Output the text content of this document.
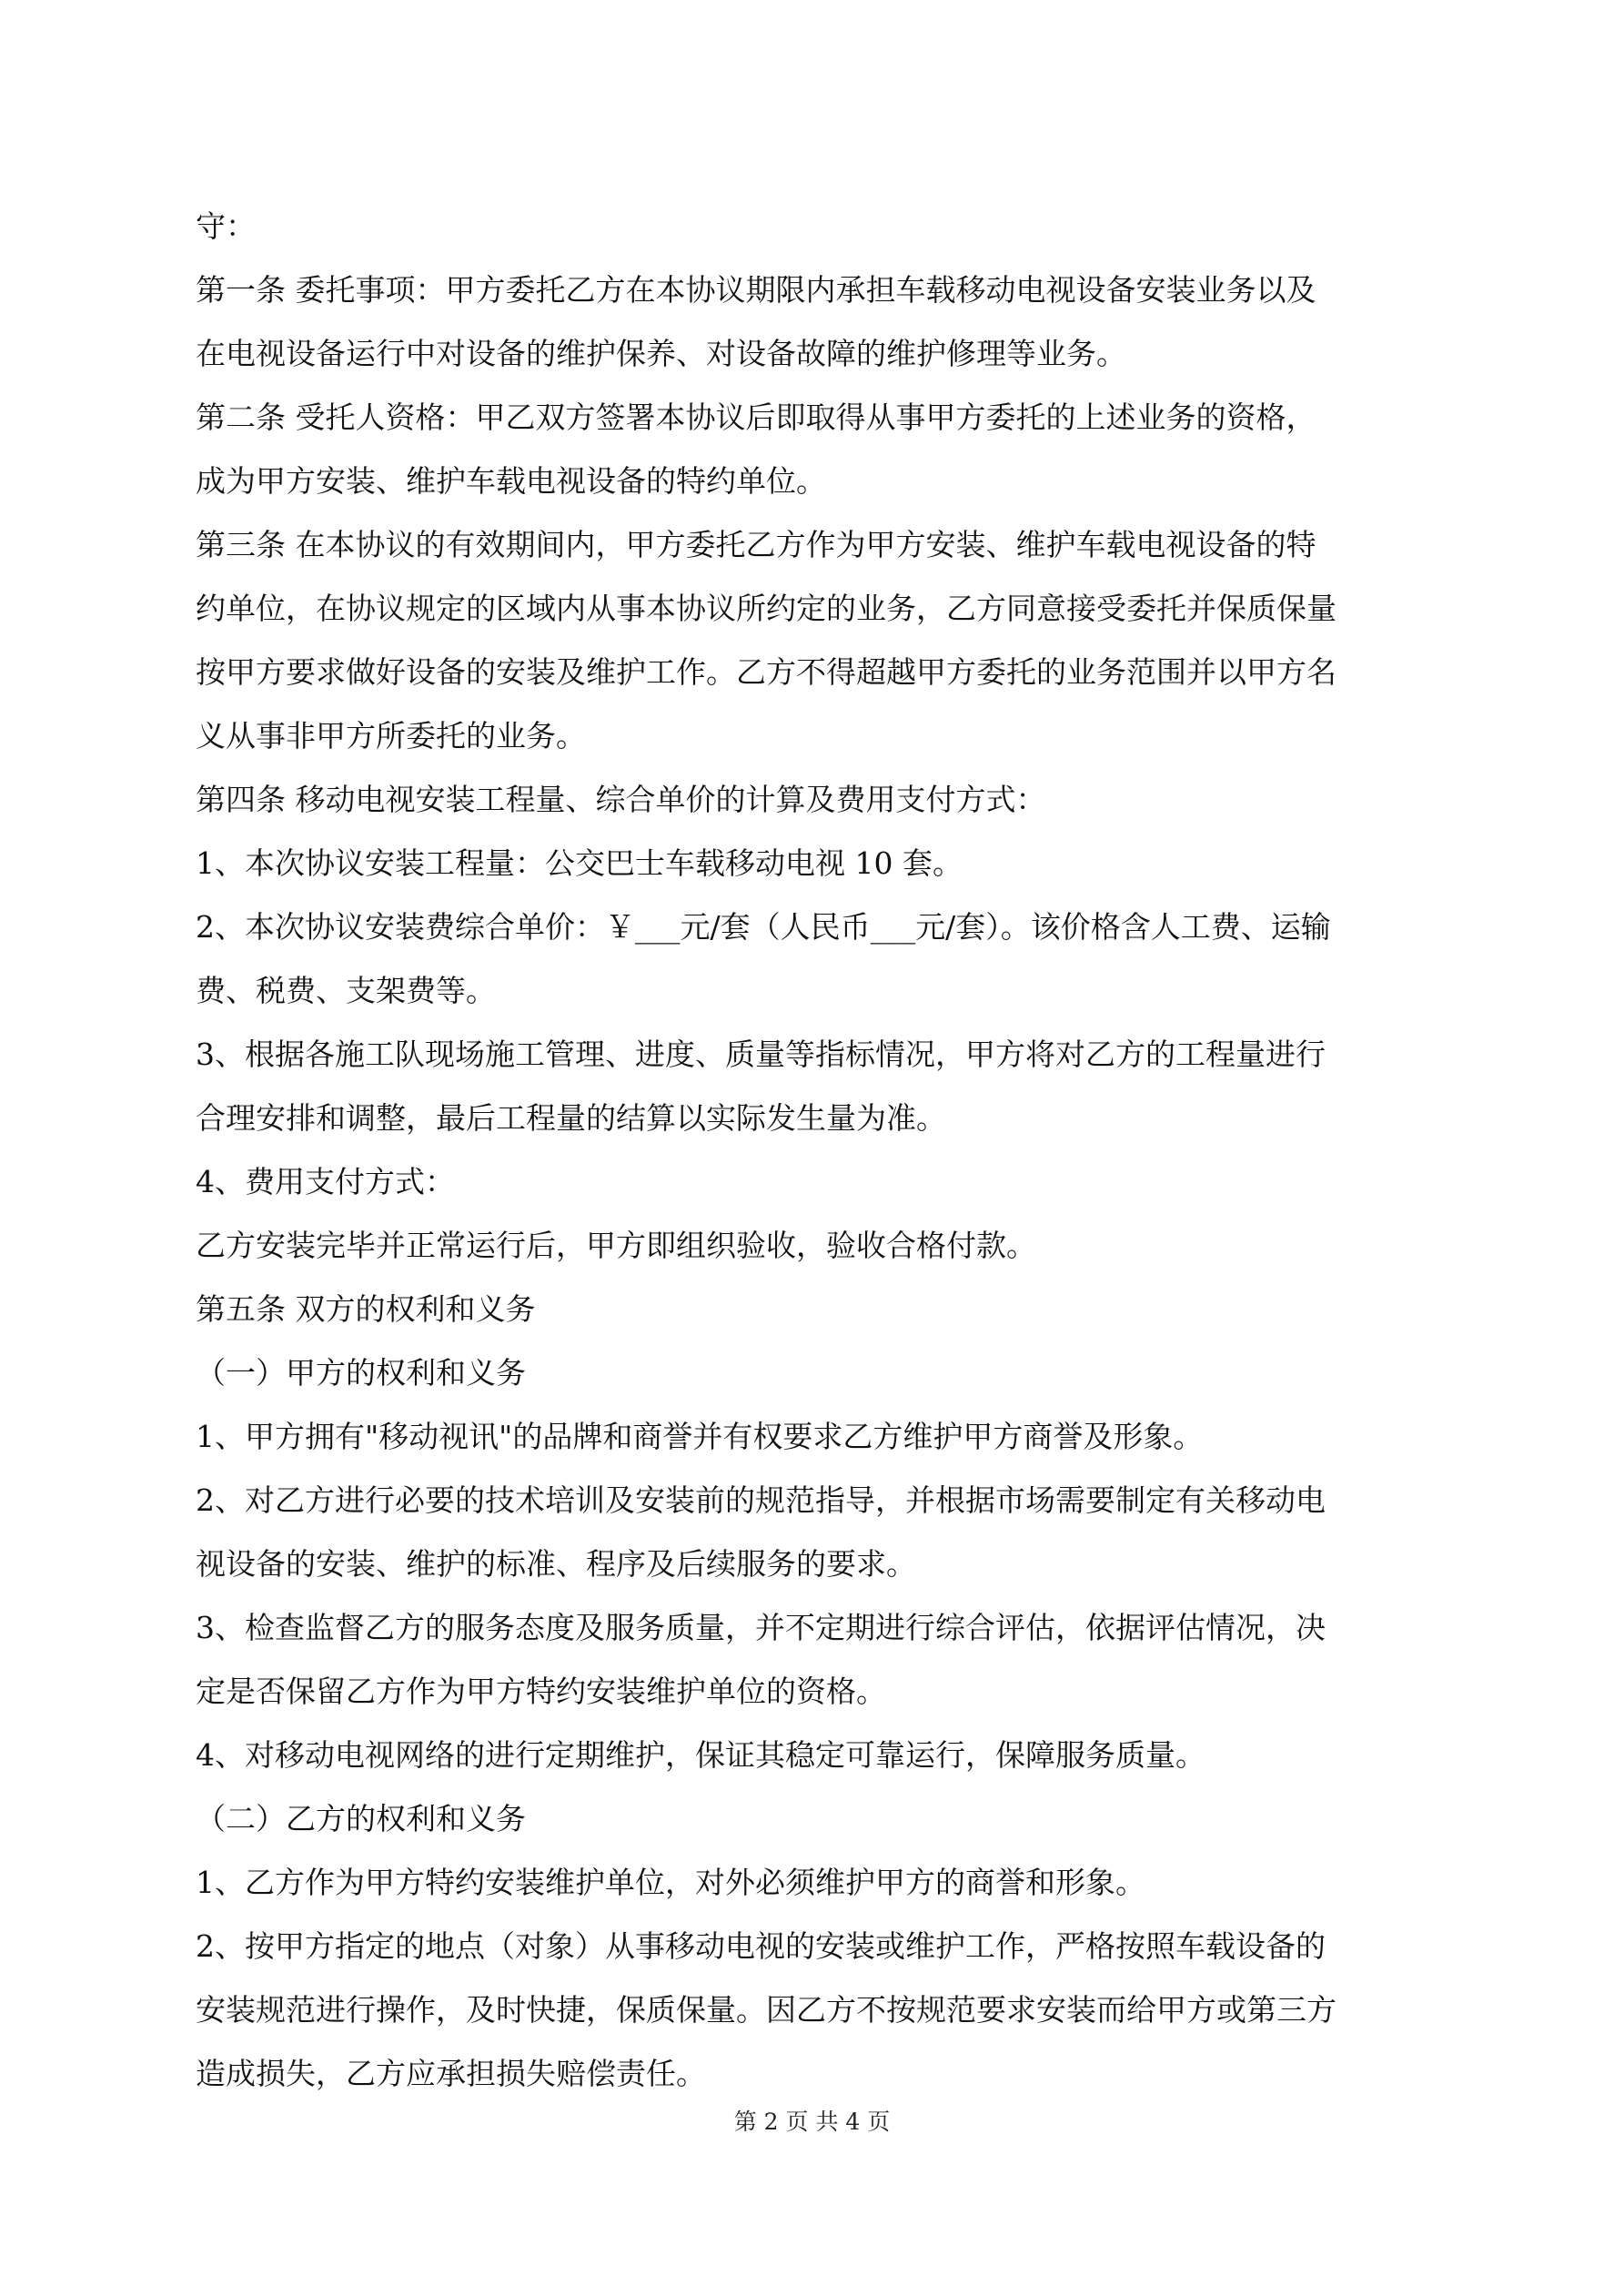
守：
第一条 委托事项：甲方委托乙方在本协议期限内承担车载移动电视设备安装业务以及
在电视设备运行中对设备的维护保养、对设备故障的维护修理等业务。
第二条 受托人资格：甲乙双方签署本协议后即取得从事甲方委托的上述业务的资格，
成为甲方安装、维护车载电视设备的特约单位。
第三条 在本协议的有效期间内，甲方委托乙方作为甲方安装、维护车载电视设备的特
约单位，在协议规定的区域内从事本协议所约定的业务，乙方同意接受委托并保质保量
按甲方要求做好设备的安装及维护工作。乙方不得超越甲方委托的业务范围并以甲方名
义从事非甲方所委托的业务。
第四条 移动电视安装工程量、综合单价的计算及费用支付方式：
1、本次协议安装工程量：公交巴士车载移动电视 10 套。
2、本次协议安装费综合单价：￥___元/套（人民币___元/套）。该价格含人工费、运输
费、税费、支架费等。
3、根据各施工队现场施工管理、进度、质量等指标情况，甲方将对乙方的工程量进行
合理安排和调整，最后工程量的结算以实际发生量为准。
4、费用支付方式：
乙方安装完毕并正常运行后，甲方即组织验收，验收合格付款。
第五条 双方的权利和义务
（一）甲方的权利和义务
1、甲方拥有"移动视讯"的品牌和商誉并有权要求乙方维护甲方商誉及形象。
2、对乙方进行必要的技术培训及安装前的规范指导，并根据市场需要制定有关移动电
视设备的安装、维护的标准、程序及后续服务的要求。
3、检查监督乙方的服务态度及服务质量，并不定期进行综合评估，依据评估情况，决
定是否保留乙方作为甲方特约安装维护单位的资格。
4、对移动电视网络的进行定期维护，保证其稳定可靠运行，保障服务质量。
（二）乙方的权利和义务
1、乙方作为甲方特约安装维护单位，对外必须维护甲方的商誉和形象。
2、按甲方指定的地点（对象）从事移动电视的安装或维护工作，严格按照车载设备的
安装规范进行操作，及时快捷，保质保量。因乙方不按规范要求安装而给甲方或第三方
造成损失，乙方应承担损失赔偿责任。
第 2 页 共 4 页
